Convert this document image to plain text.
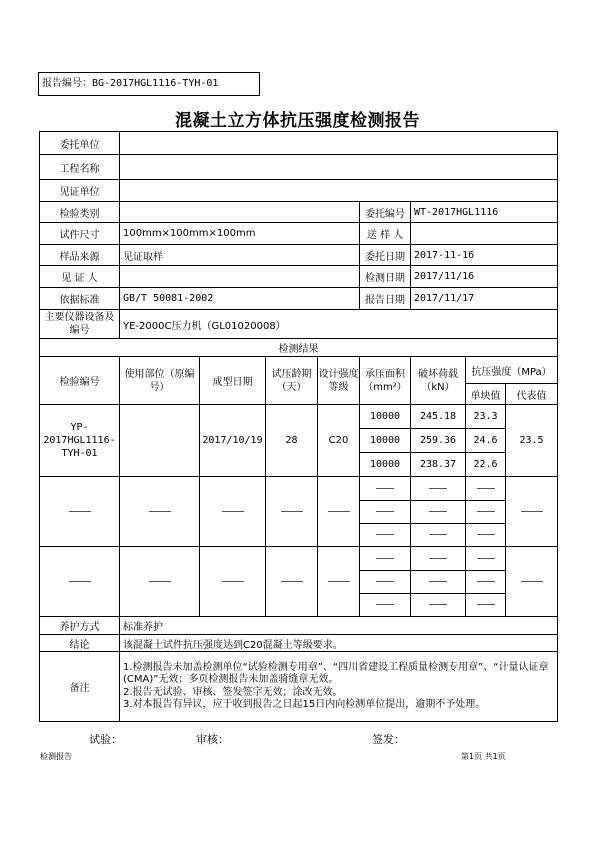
报告编号：BG-2017HGL1116-TYH-01
混凝土立方体抗压强度检测报告
委托单位								
工程名称								
见证单位								
检验类别					委托编号	WT-2017HGL1116		
试件尺寸	100mm×100mm×100mm				送 样 人			
样品来源	见证取样				委托日期	2017-11-16		
见 证 人					检测日期	2017/11/16		
依据标准	GB/T 50081-2002				报告日期	2017/11/17		
主要仪器设备及编号	YE-2000C压力机（GL01020008）							
检测结果								
检验编号	使用部位（原编号）	成型日期	试压龄期（天）	设计强度等级	承压面积（mm²）	破坏荷载（kN）	抗压强度（MPa）	
							单块值	代表值
YP-2017HGL1116-TYH-01		2017/10/19	28	C20	10000	245.18	23.3	23.5
					10000	259.36	24.6	
					10000	238.37	22.6	

养护方式	标准养护							
结论	该混凝土试件抗压强度达到C20混凝土等级要求。							
备注	1.检测报告未加盖检测单位“试验检测专用章”、“四川省建设工程质量检测专用章”、“计量认证章(CMA)”无效；多页检测报告未加盖骑缝章无效。
2.报告无试验、审核、签发签字无效；涂改无效。
3.对本报告有异议，应于收到报告之日起15日内向检测单位提出，逾期不予处理。							
试验：	审核：	签发：
检测报告	第1页 共1页
